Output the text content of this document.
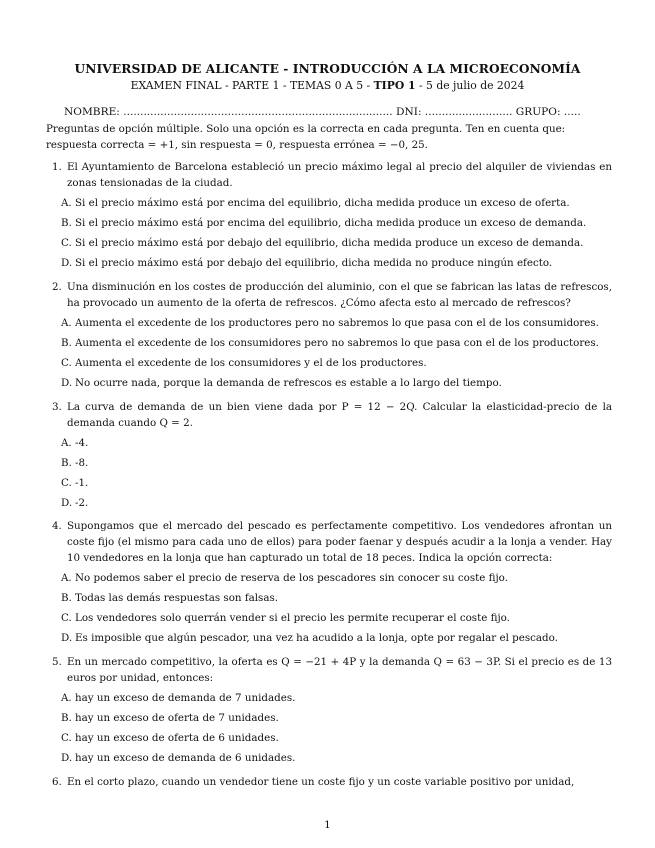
UNIVERSIDAD DE ALICANTE - INTRODUCCIÓN A LA MICROECONOMÍA
EXAMEN FINAL - PARTE 1 - TEMAS 0 A 5 - TIPO 1 - 5 de julio de 2024
NOMBRE: ................................................................................ DNI: .......................... GRUPO: .....
Preguntas de opción múltiple. Solo una opción es la correcta en cada pregunta. Ten en cuenta que: respuesta correcta = +1, sin respuesta = 0, respuesta errónea = −0, 25.
1. El Ayuntamiento de Barcelona estableció un precio máximo legal al precio del alquiler de viviendas en zonas tensionadas de la ciudad.
A. Si el precio máximo está por encima del equilibrio, dicha medida produce un exceso de oferta.
B. Si el precio máximo está por encima del equilibrio, dicha medida produce un exceso de demanda.
C. Si el precio máximo está por debajo del equilibrio, dicha medida produce un exceso de demanda.
D. Si el precio máximo está por debajo del equilibrio, dicha medida no produce ningún efecto.
2. Una disminución en los costes de producción del aluminio, con el que se fabrican las latas de refrescos, ha provocado un aumento de la oferta de refrescos. ¿Cómo afecta esto al mercado de refrescos?
A. Aumenta el excedente de los productores pero no sabremos lo que pasa con el de los consumidores.
B. Aumenta el excedente de los consumidores pero no sabremos lo que pasa con el de los productores.
C. Aumenta el excedente de los consumidores y el de los productores.
D. No ocurre nada, porque la demanda de refrescos es estable a lo largo del tiempo.
3. La curva de demanda de un bien viene dada por P = 12 − 2Q. Calcular la elasticidad-precio de la demanda cuando Q = 2.
A. -4.
B. -8.
C. -1.
D. -2.
4. Supongamos que el mercado del pescado es perfectamente competitivo. Los vendedores afrontan un coste fijo (el mismo para cada uno de ellos) para poder faenar y después acudir a la lonja a vender. Hay 10 vendedores en la lonja que han capturado un total de 18 peces. Indica la opción correcta:
A. No podemos saber el precio de reserva de los pescadores sin conocer su coste fijo.
B. Todas las demás respuestas son falsas.
C. Los vendedores solo querrán vender si el precio les permite recuperar el coste fijo.
D. Es imposible que algún pescador, una vez ha acudido a la lonja, opte por regalar el pescado.
5. En un mercado competitivo, la oferta es Q = −21 + 4P y la demanda Q = 63 − 3P. Si el precio es de 13 euros por unidad, entonces:
A. hay un exceso de demanda de 7 unidades.
B. hay un exceso de oferta de 7 unidades.
C. hay un exceso de oferta de 6 unidades.
D. hay un exceso de demanda de 6 unidades.
6. En el corto plazo, cuando un vendedor tiene un coste fijo y un coste variable positivo por unidad,
1
